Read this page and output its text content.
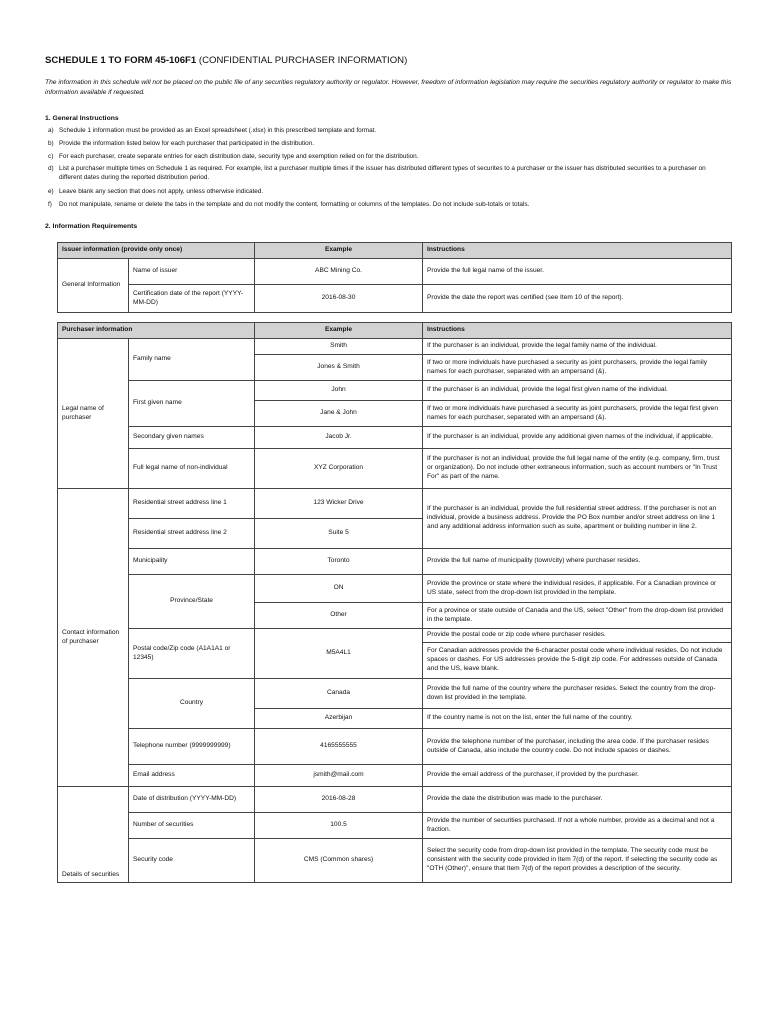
SCHEDULE 1 TO FORM 45-106F1 (CONFIDENTIAL PURCHASER INFORMATION)
The information in this schedule will not be placed on the public file of any securities regulatory authority or regulator. However, freedom of information legislation may require the securities regulatory authority or regulator to make this information available if requested.
1. General Instructions
a) Schedule 1 information must be provided as an Excel spreadsheet (.xlsx) in this prescribed template and format.
b) Provide the information listed below for each purchaser that participated in the distribution.
c) For each purchaser, create separate entries for each distribution date, security type and exemption relied on for the distribution.
d) List a purchaser multiple times on Schedule 1 as required. For example, list a purchaser multiple times if the issuer has distributed different types of securites to a purchaser or the issuer has distributed securities to a purchaser on different dates during the reported distribution period.
e) Leave blank any section that does not apply, unless otherwise indicated.
f) Do not manipulate, rename or delete the tabs in the template and do not modify the content, formatting or columns of the templates. Do not include sub-totals or totals.
2. Information Requirements
Issuer information (provide only once)		Example	Instructions
General Information	Name of issuer	ABC Mining Co.	Provide the full legal name of the issuer.
	Certification date of the report (YYYY-MM-DD)	2016-08-30	Provide the date the report was certified (see Item 10 of the report).
Purchaser information		Example	Instructions
Legal name of purchaser	Family name	Smith	If the purchaser is an individual, provide the legal family name of the individual.
		Jones & Smith	If two or more individuals have purchased a security as joint purchasers, provide the legal family names for each purchaser, separated with an ampersand (&).
	First given name	John	If the purchaser is an individual, provide the legal first given name of the individual.
		Jane & John	If two or more individuals have purchased a security as joint purchasers, provide the legal first given names for each purchaser, separated with an ampersand (&).
	Secondary given names	Jacob Jr.	If the purchaser is an individual, provide any additional given names of the individual, if applicable.
	Full legal name of non-individual	XYZ Corporation	If the purchaser is not an individual, provide the full legal name of the entity (e.g. company, firm, trust or organization). Do not include other extraneous information, such as account numbers or "In Trust For" as part of the name.
Contact information of purchaser	Residential street address line 1	123 Wicker Drive	If the purchaser is an individual, provide the full residential street address. If the purchaser is not an individual, provide a business address. Provide the PO Box number and/or street address on line 1 and any additional address information such as suite, apartment or building number in line 2.
	Residential street address line 2	Suite 5	
	Municipality	Toronto	Provide the full name of municipality (town/city) where purchaser resides.
	Province/State	ON	Provide the province or state where the individual resides, if applicable. For a Canadian province or US state, select from the drop-down list provided in the template.
		Other	For a province or state outside of Canada and the US, select "Other" from the drop-down list provided in the template.
	Postal code/Zip code (A1A1A1 or 12345)	M5A4L1	Provide the postal code or zip code where purchaser resides.
			For Canadian addresses provide the 6-character postal code where individual resides. Do not include spaces or dashes. For US addresses provide the 5-digit zip code. For addresses outside of Canada and the US, leave blank.
	Country	Canada	Provide the full name of the country where the purchaser resides. Select the country from the drop-down list provided in the template.
		Azerbijan	If the country name is not on the list, enter the full name of the country.
	Telephone number (9999999999)	4165555555	Provide the telephone number of the purchaser, including the area code. If the purchaser resides outside of Canada, also include the country code. Do not include spaces or dashes.
	Email address	jsmith@mail.com	Provide the email address of the purchaser, if provided by the purchaser.

Details of securities	Date of distribution (YYYY-MM-DD)	2016-08-28	Provide the date the distribution was made to the purchaser.
	Number of securities	100.5	Provide the number of securities purchased. If not a whole number, provide as a decimal and not a fraction.
	Security code	CMS (Common shares)	Select the security code from drop-down list provided in the template. The security code must be consistent with the security code provided in Item 7(d) of the report. If selecting the security code as "OTH (Other)", ensure that Item 7(d) of the report provides a description of the security.
